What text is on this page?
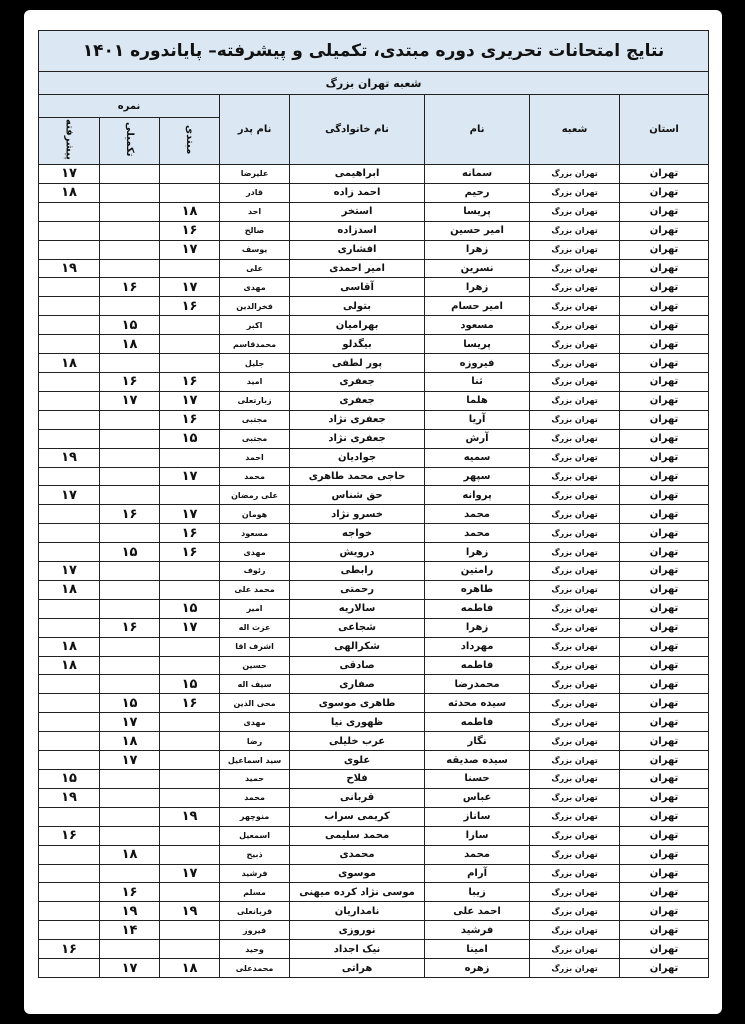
نتایج امتحانات تحریری دوره مبتدی، تکمیلی و پیشرفته– پایاندوره ۱۴۰۱							
شعبه تهران بزرگ							
استان	شعبه	نام	نام خانوادگی	نام پدر	نمره		
					مبتدی	تکمیلی	پیشرفته
تهران	تهران بزرگ	سمانه	ابراهیمی	علیرضا			۱۷
تهران	تهران بزرگ	رحیم	احمد زاده	قادر			۱۸
تهران	تهران بزرگ	پریسا	استخر	احد	۱۸		
تهران	تهران بزرگ	امیر حسین	اسدزاده	صالح	۱۶		
تهران	تهران بزرگ	زهرا	افشاری	یوسف	۱۷		
تهران	تهران بزرگ	نسرین	امیر احمدی	علی			۱۹
تهران	تهران بزرگ	زهرا	آقاسی	مهدی	۱۷	۱۶	
تهران	تهران بزرگ	امیر حسام	بتولی	فخرالدین	۱۶		
تهران	تهران بزرگ	مسعود	بهرامیان	اکبر		۱۵	
تهران	تهران بزرگ	پریسا	بیگدلو	محمدقاسم		۱۸	
تهران	تهران بزرگ	فیروزه	پور لطفی	جلیل			۱۸
تهران	تهران بزرگ	ثنا	جعفری	امید	۱۶	۱۶	
تهران	تهران بزرگ	هلما	جعفری	زبارتعلی	۱۷	۱۷	
تهران	تهران بزرگ	آریا	جعفری نژاد	مجتبی	۱۶		
تهران	تهران بزرگ	آرش	جعفری نژاد	مجتبی	۱۵		
تهران	تهران بزرگ	سمیه	جوادیان	احمد			۱۹
تهران	تهران بزرگ	سپهر	حاجی محمد طاهری	محمد	۱۷		
تهران	تهران بزرگ	پروانه	حق شناس	علی رمضان			۱۷
تهران	تهران بزرگ	محمد	خسرو نژاد	هومان	۱۷	۱۶	
تهران	تهران بزرگ	محمد	خواجه	مسعود	۱۶		
تهران	تهران بزرگ	زهرا	درویش	مهدی	۱۶	۱۵	
تهران	تهران بزرگ	رامتین	رابطی	رئوف			۱۷
تهران	تهران بزرگ	طاهره	رحمتی	محمد علی			۱۸
تهران	تهران بزرگ	فاطمه	سالاریه	امیر	۱۵		
تهران	تهران بزرگ	زهرا	شجاعی	عزت اله	۱۷	۱۶	
تهران	تهران بزرگ	مهرداد	شکرالهی	اشرف اقا			۱۸
تهران	تهران بزرگ	فاطمه	صادقی	حسین			۱۸
تهران	تهران بزرگ	محمدرضا	صفاری	سیف اله	۱۵		
تهران	تهران بزرگ	سیده محدثه	طاهری موسوی	محی الدین	۱۶	۱۵	
تهران	تهران بزرگ	فاطمه	ظهوری نیا	مهدی		۱۷	
تهران	تهران بزرگ	نگار	عرب خلیلی	رضا		۱۸	
تهران	تهران بزرگ	سیده صدیقه	علوی	سید اسماعیل		۱۷	
تهران	تهران بزرگ	حسنا	فلاح	حمید			۱۵
تهران	تهران بزرگ	عباس	قربانی	محمد			۱۹
تهران	تهران بزرگ	ساناز	کریمی سراب	منوچهر	۱۹		
تهران	تهران بزرگ	سارا	محمد سلیمی	اسمعیل			۱۶
تهران	تهران بزرگ	محمد	محمدی	ذبیح		۱۸	
تهران	تهران بزرگ	آرام	موسوی	فرشید	۱۷		
تهران	تهران بزرگ	زیبا	موسی نژاد کرده میهنی	مسلم		۱۶	
تهران	تهران بزرگ	احمد علی	نامداریان	قربانعلی	۱۹	۱۹	
تهران	تهران بزرگ	فرشید	نوروزی	فیروز		۱۴	
تهران	تهران بزرگ	امینا	نیک اجداد	وحید			۱۶
تهران	تهران بزرگ	زهره	هراتی	محمدعلی	۱۸	۱۷	
